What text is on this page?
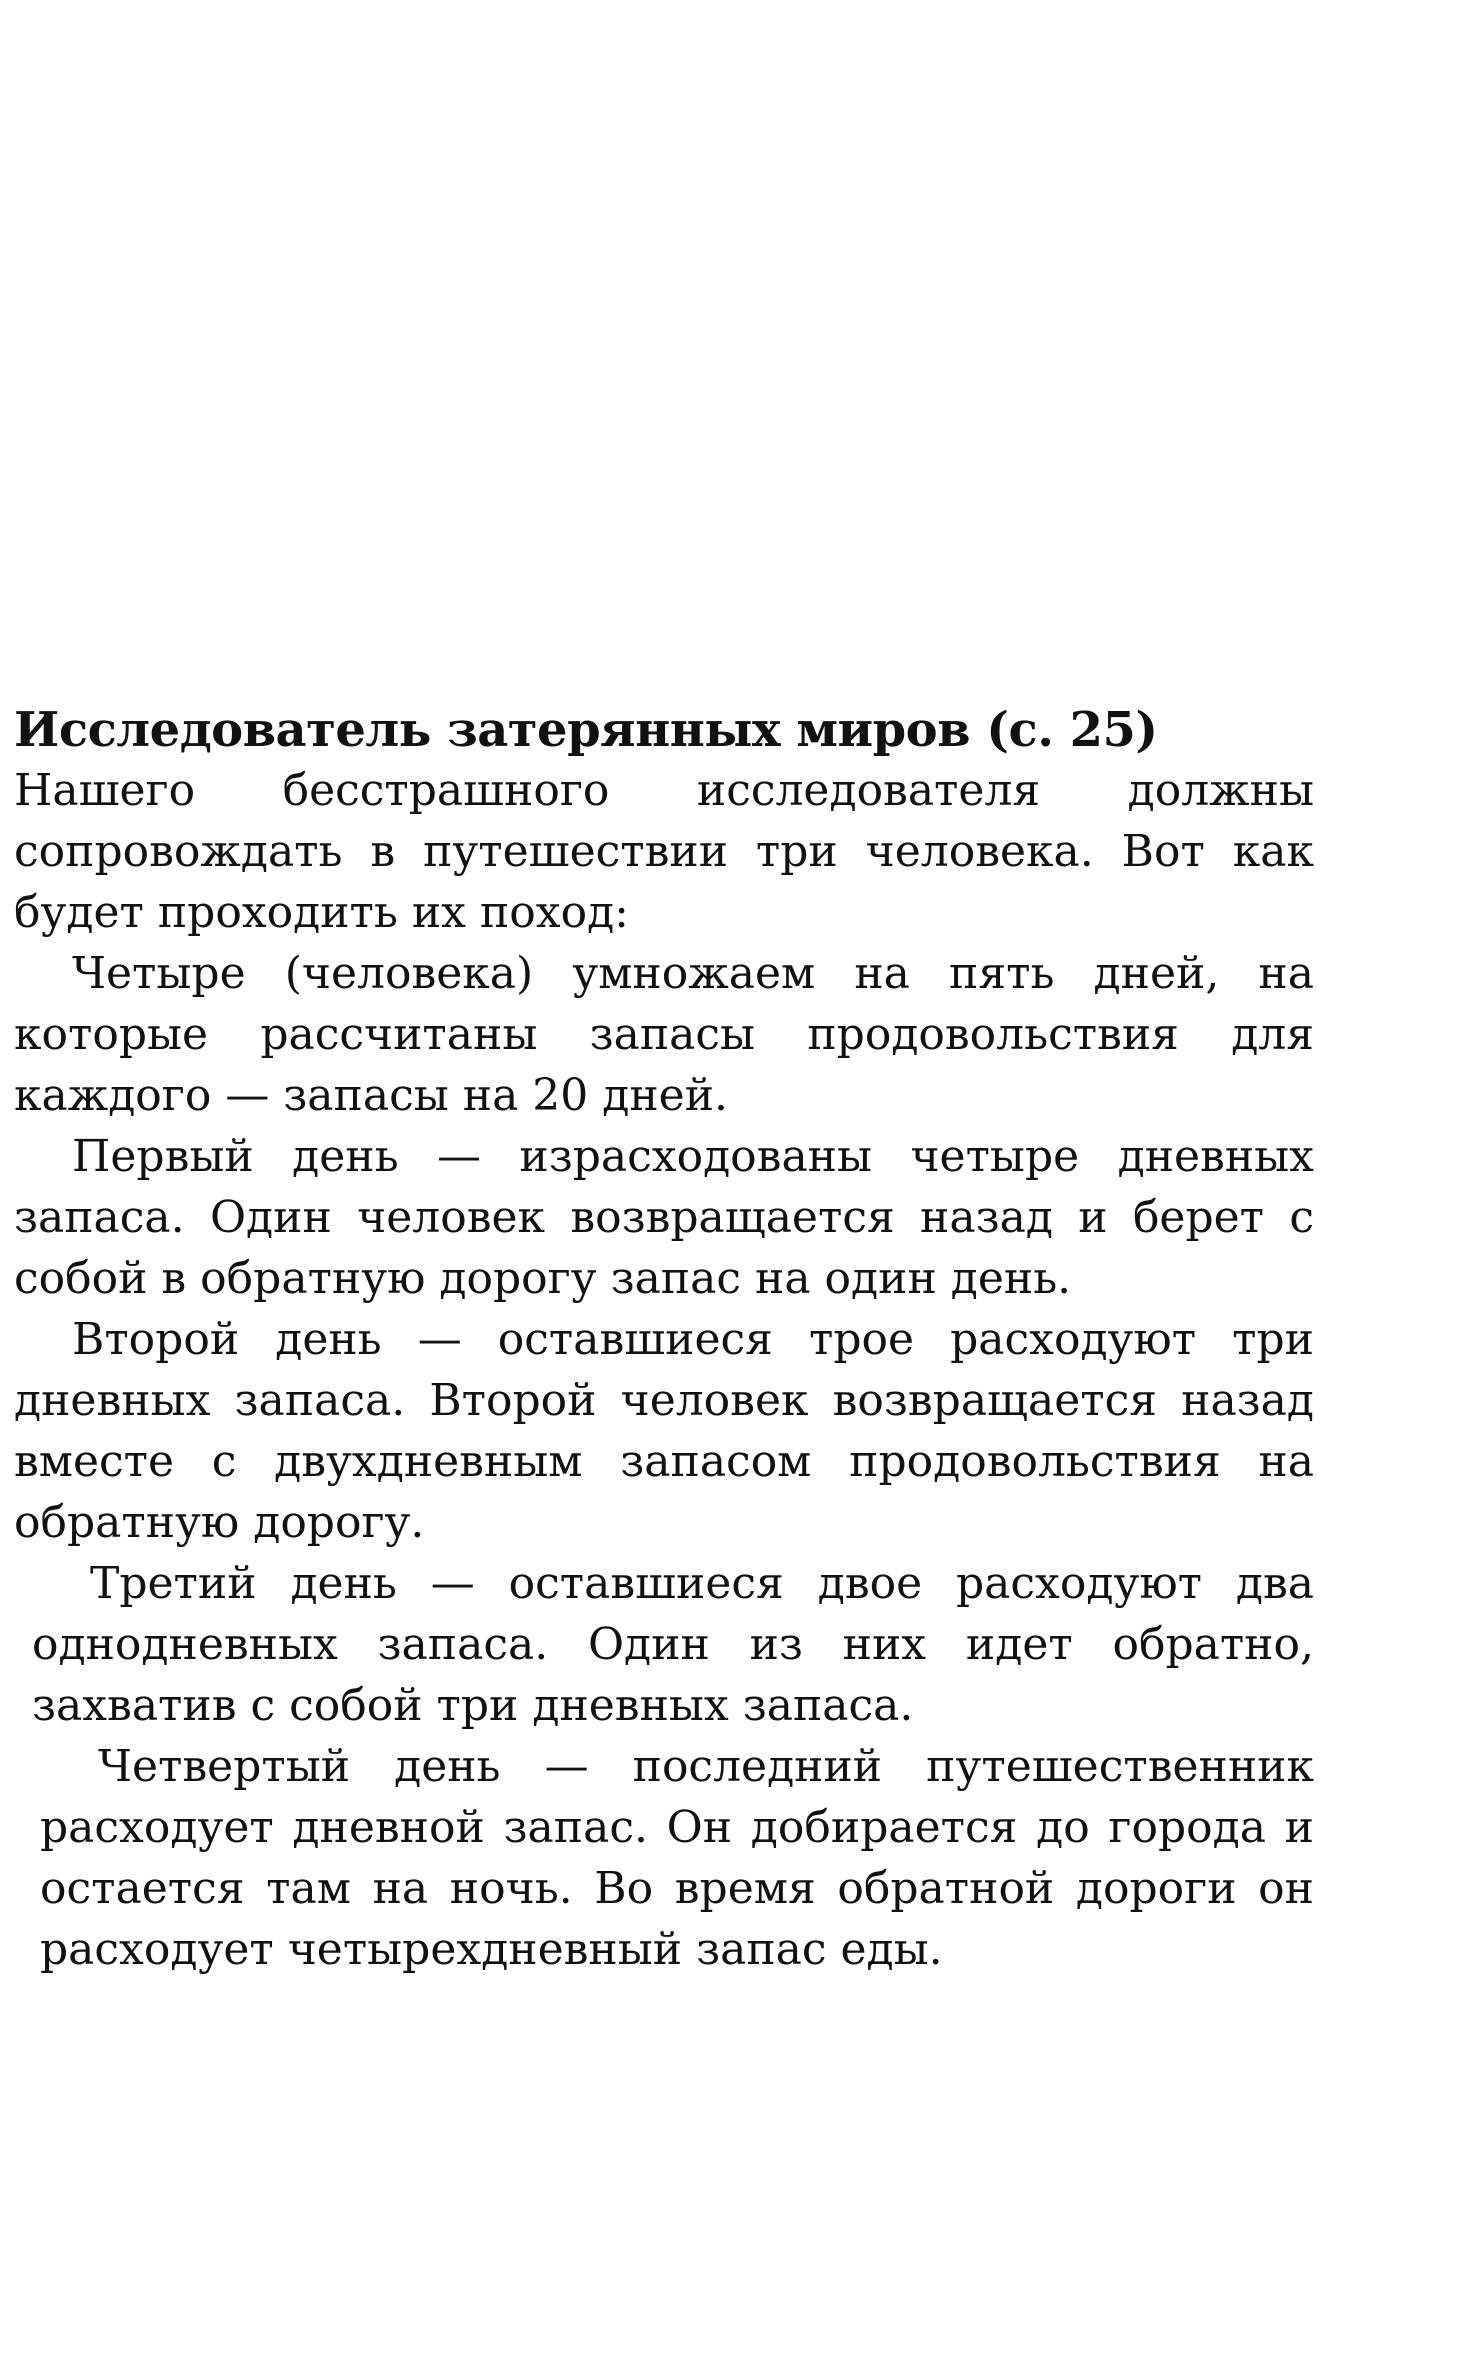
Исследователь затерянных миров (с. 25)

Нашего бесстрашного исследователя должны сопровождать в путешествии три человека. Вот как будет проходить их поход:

Четыре (человека) умножаем на пять дней, на которые рассчитаны запасы продовольствия для каждого — запасы на 20 дней.

Первый день — израсходованы четыре дневных запаса. Один человек возвращается назад и берет с собой в обратную дорогу запас на один день.

Второй день — оставшиеся трое расходуют три дневных запаса. Второй человек возвращается назад вместе с двухдневным запасом продовольствия на обратную дорогу.

Третий день — оставшиеся двое расходуют два однодневных запаса. Один из них идет обратно, захватив с собой три дневных запаса.

Четвертый день — последний путешественник расходует дневной запас. Он добирается до города и остается там на ночь. Во время обратной дороги он расходует четырехдневный запас еды.
